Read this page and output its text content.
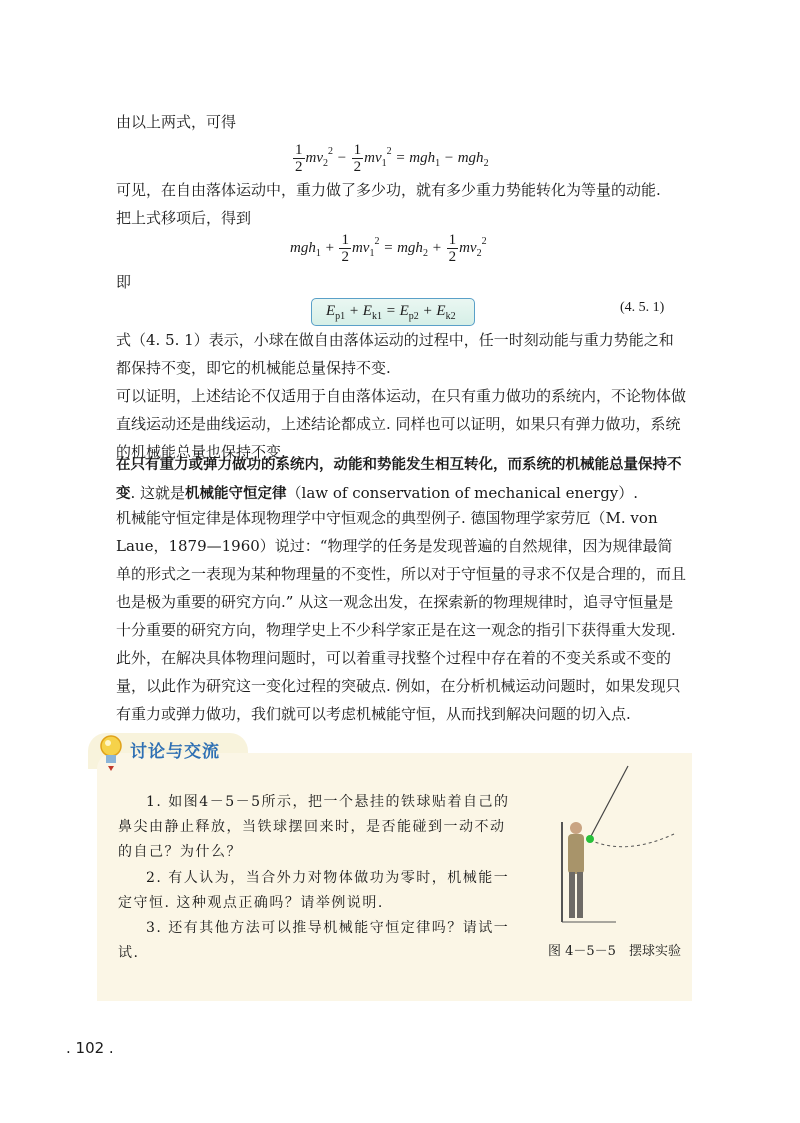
由以上两式，可得

$\frac{1}{2} mv_2^2 - \frac{1}{2} mv_1^2 = mgh_1 - mgh_2$

可见，在自由落体运动中，重力做了多少功，就有多少重力势能转化为等量的动能.

把上式移项后，得到

$mgh_1 + \frac{1}{2} mv_1^2 = mgh_2 + \frac{1}{2} mv_2^2$

即

$E_{p1} + E_{k1} = E_{p2} + E_{k2}$
(4. 5. 1)

式（4. 5. 1）表示，小球在做自由落体运动的过程中，任一时刻动能与重力势能之和都保持不变，即它的机械能总量保持不变.

可以证明，上述结论不仅适用于自由落体运动，在只有重力做功的系统内，不论物体做直线运动还是曲线运动，上述结论都成立. 同样也可以证明，如果只有弹力做功，系统的机械能总量也保持不变.

在只有重力或弹力做功的系统内，动能和势能发生相互转化，而系统的机械能总量保持不变. 这就是机械能守恒定律（law of conservation of mechanical energy）.

机械能守恒定律是体现物理学中守恒观念的典型例子. 德国物理学家劳厄（M. von Laue，1879—1960）说过：“物理学的任务是发现普遍的自然规律，因为规律最简单的形式之一表现为某种物理量的不变性，所以对于守恒量的寻求不仅是合理的，而且也是极为重要的研究方向.” 从这一观念出发，在探索新的物理规律时，追寻守恒量是十分重要的研究方向，物理学史上不少科学家正是在这一观念的指引下获得重大发现. 此外，在解决具体物理问题时，可以着重寻找整个过程中存在着的不变关系或不变的量，以此作为研究这一变化过程的突破点. 例如，在分析机械运动问题时，如果发现只有重力或弹力做功，我们就可以考虑机械能守恒，从而找到解决问题的切入点.

讨论与交流

1. 如图4－5－5所示，把一个悬挂的铁球贴着自己的鼻尖由静止释放，当铁球摆回来时，是否能碰到一动不动的自己？为什么？

2. 有人认为，当合外力对物体做功为零时，机械能一定守恒. 这种观点正确吗？请举例说明.

3. 还有其他方法可以推导机械能守恒定律吗？请试一试.	图 4－5－5　摆球实验
. 102 .
